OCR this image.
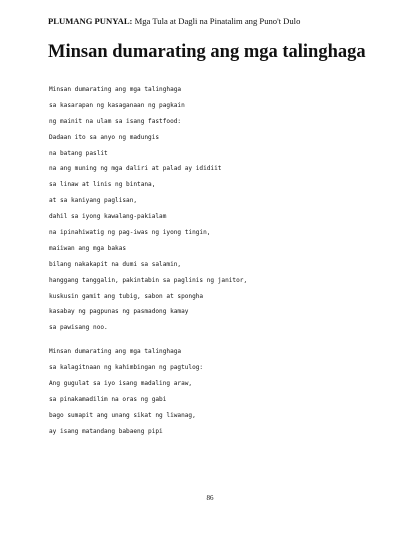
PLUMANG PUNYAL: Mga Tula at Dagli na Pinatalim ang Puno't Dulo
Minsan dumarating ang mga talinghaga
Minsan dumarating ang mga talinghaga
sa kasarapan ng kasaganaan ng pagkain
ng mainit na ulam sa isang fastfood:
Dadaan ito sa anyo ng madungis
na batang paslit
na ang muning ng mga daliri at palad ay ididiit
sa linaw at linis ng bintana,
at sa kaniyang paglisan,
dahil sa iyong kawalang-pakialam
na ipinahiwatig ng pag-iwas ng iyong tingin,
maiiwan ang mga bakas
bilang nakakapit na dumi sa salamin,
hanggang tanggalin, pakintabin sa paglinis ng janitor,
kuskusin gamit ang tubig, sabon at spongha
kasabay ng pagpunas ng pasmadong kamay
sa pawisang noo.
Minsan dumarating ang mga talinghaga
sa kalagitnaan ng kahimbingan ng pagtulog:
Ang gugulat sa iyo isang madaling araw,
sa pinakamadilim na oras ng gabi
bago sumapit ang unang sikat ng liwanag,
ay isang matandang babaeng pipi
86
